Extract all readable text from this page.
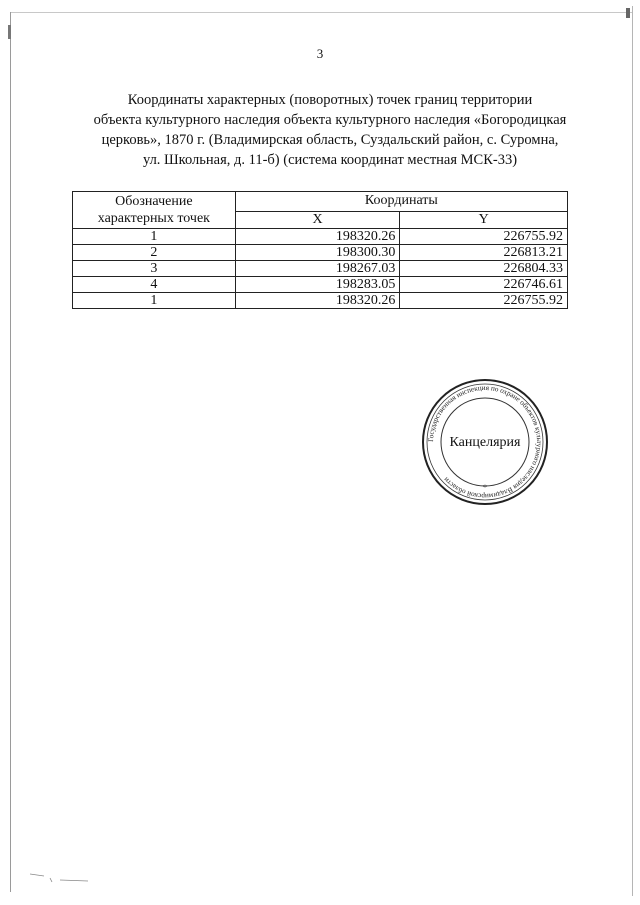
3
Координаты характерных (поворотных) точек границ территории
объекта культурного наследия объекта культурного наследия «Богородицкая
церковь», 1870 г. (Владимирская область, Суздальский район, с. Суромна,
ул. Школьная, д. 11-б) (система координат местная МСК-33)
Обозначение характерных точек	Координаты	
	X	Y
1	198320.26	226755.92
2	198300.30	226813.21
3	198267.03	226804.33
4	198283.05	226746.61
1	198320.26	226755.92
Государственная инспекция по охране объектов культурного наследия Владимирской области
Канцелярия
*
